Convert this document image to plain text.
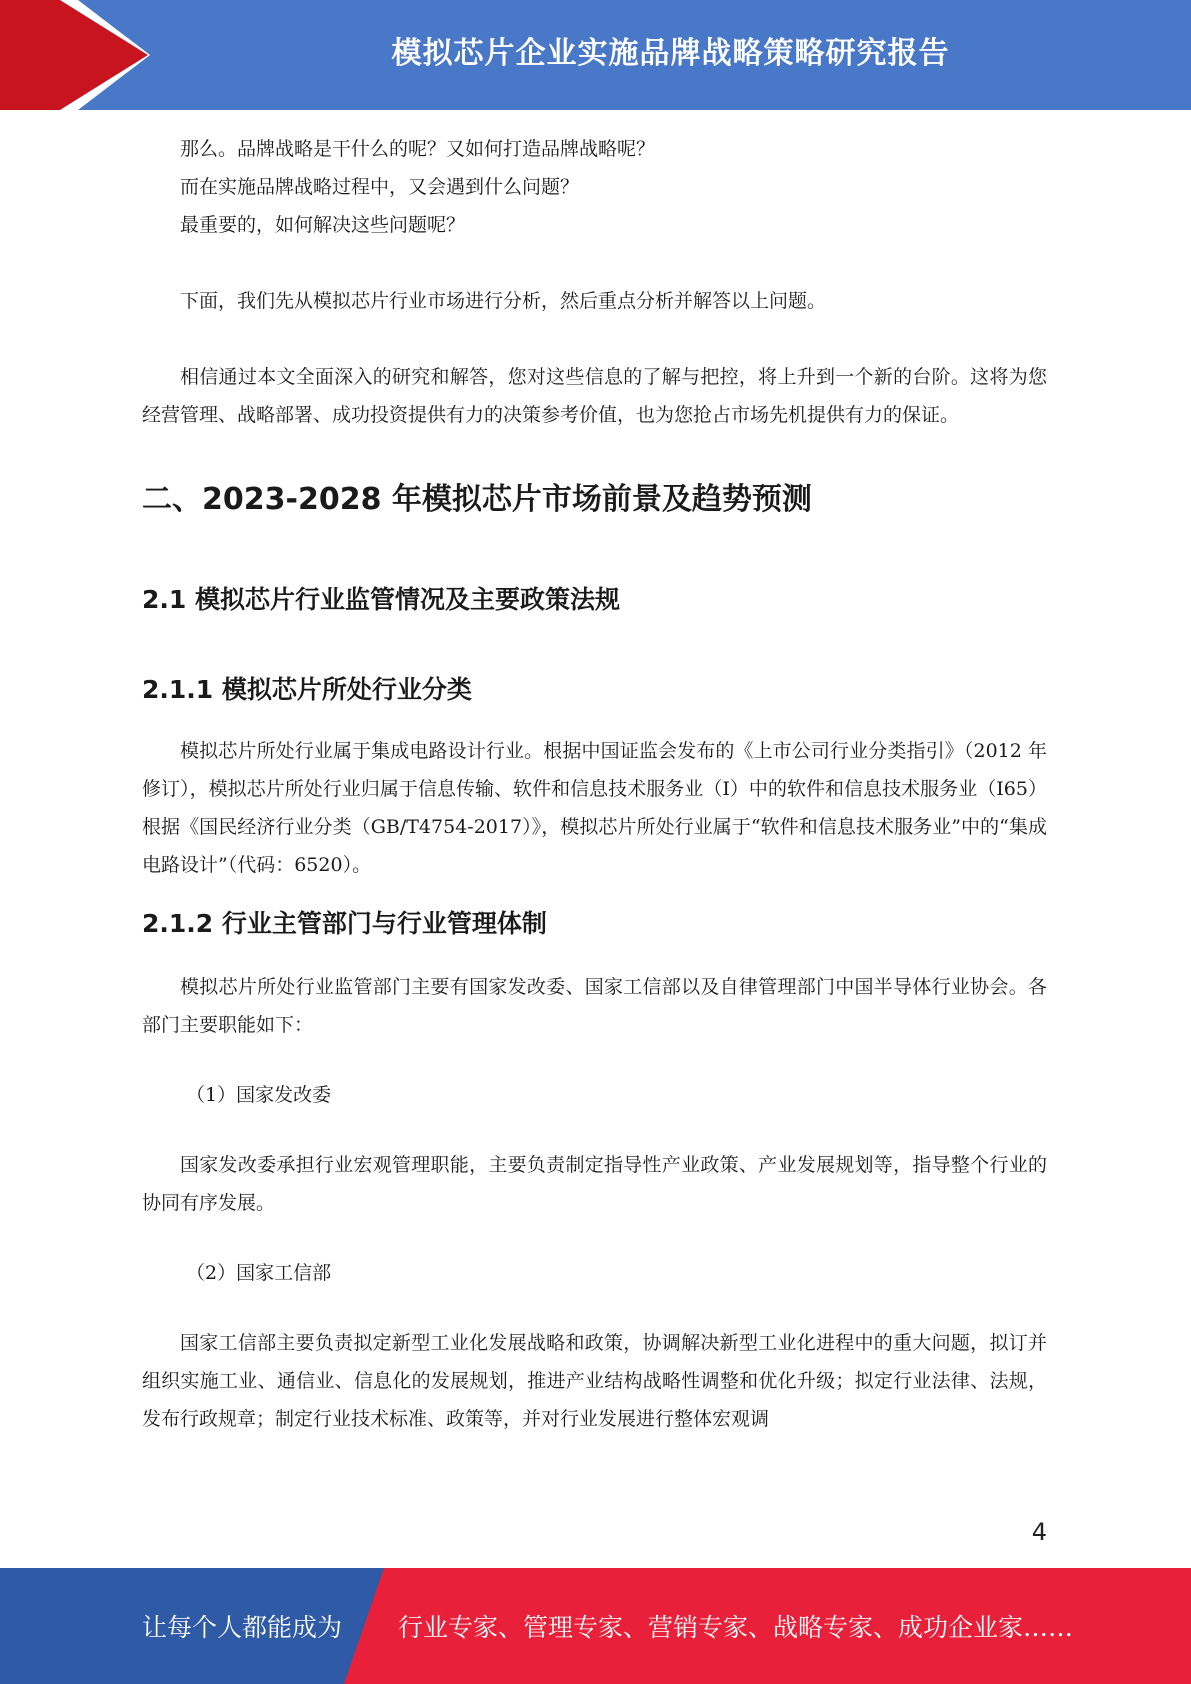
模拟芯片企业实施品牌战略策略研究报告

那么。品牌战略是干什么的呢？又如何打造品牌战略呢？

而在实施品牌战略过程中，又会遇到什么问题？

最重要的，如何解决这些问题呢？

下面，我们先从模拟芯片行业市场进行分析，然后重点分析并解答以上问题。

相信通过本文全面深入的研究和解答，您对这些信息的了解与把控，将上升到一个新的台阶。这将为您经营管理、战略部署、成功投资提供有力的决策参考价值，也为您抢占市场先机提供有力的保证。

二、2023-2028 年模拟芯片市场前景及趋势预测
2.1 模拟芯片行业监管情况及主要政策法规
2.1.1 模拟芯片所处行业分类

模拟芯片所处行业属于集成电路设计行业。根据中国证监会发布的《上市公司行业分类指引》（2012 年修订），模拟芯片所处行业归属于信息传输、软件和信息技术服务业（I）中的软件和信息技术服务业（I65）根据《国民经济行业分类（GB/T4754-2017）》，模拟芯片所处行业属于“软件和信息技术服务业”中的“集成电路设计”（代码：6520）。

2.1.2 行业主管部门与行业管理体制

模拟芯片所处行业监管部门主要有国家发改委、国家工信部以及自律管理部门中国半导体行业协会。各部门主要职能如下：

（1）国家发改委

国家发改委承担行业宏观管理职能，主要负责制定指导性产业政策、产业发展规划等，指导整个行业的协同有序发展。

（2）国家工信部

国家工信部主要负责拟定新型工业化发展战略和政策，协调解决新型工业化进程中的重大问题，拟订并组织实施工业、通信业、信息化的发展规划，推进产业结构战略性调整和优化升级；拟定行业法律、法规，发布行政规章；制定行业技术标准、政策等，并对行业发展进行整体宏观调

4
让每个人都能成为 行业专家、管理专家、营销专家、战略专家、成功企业家……
